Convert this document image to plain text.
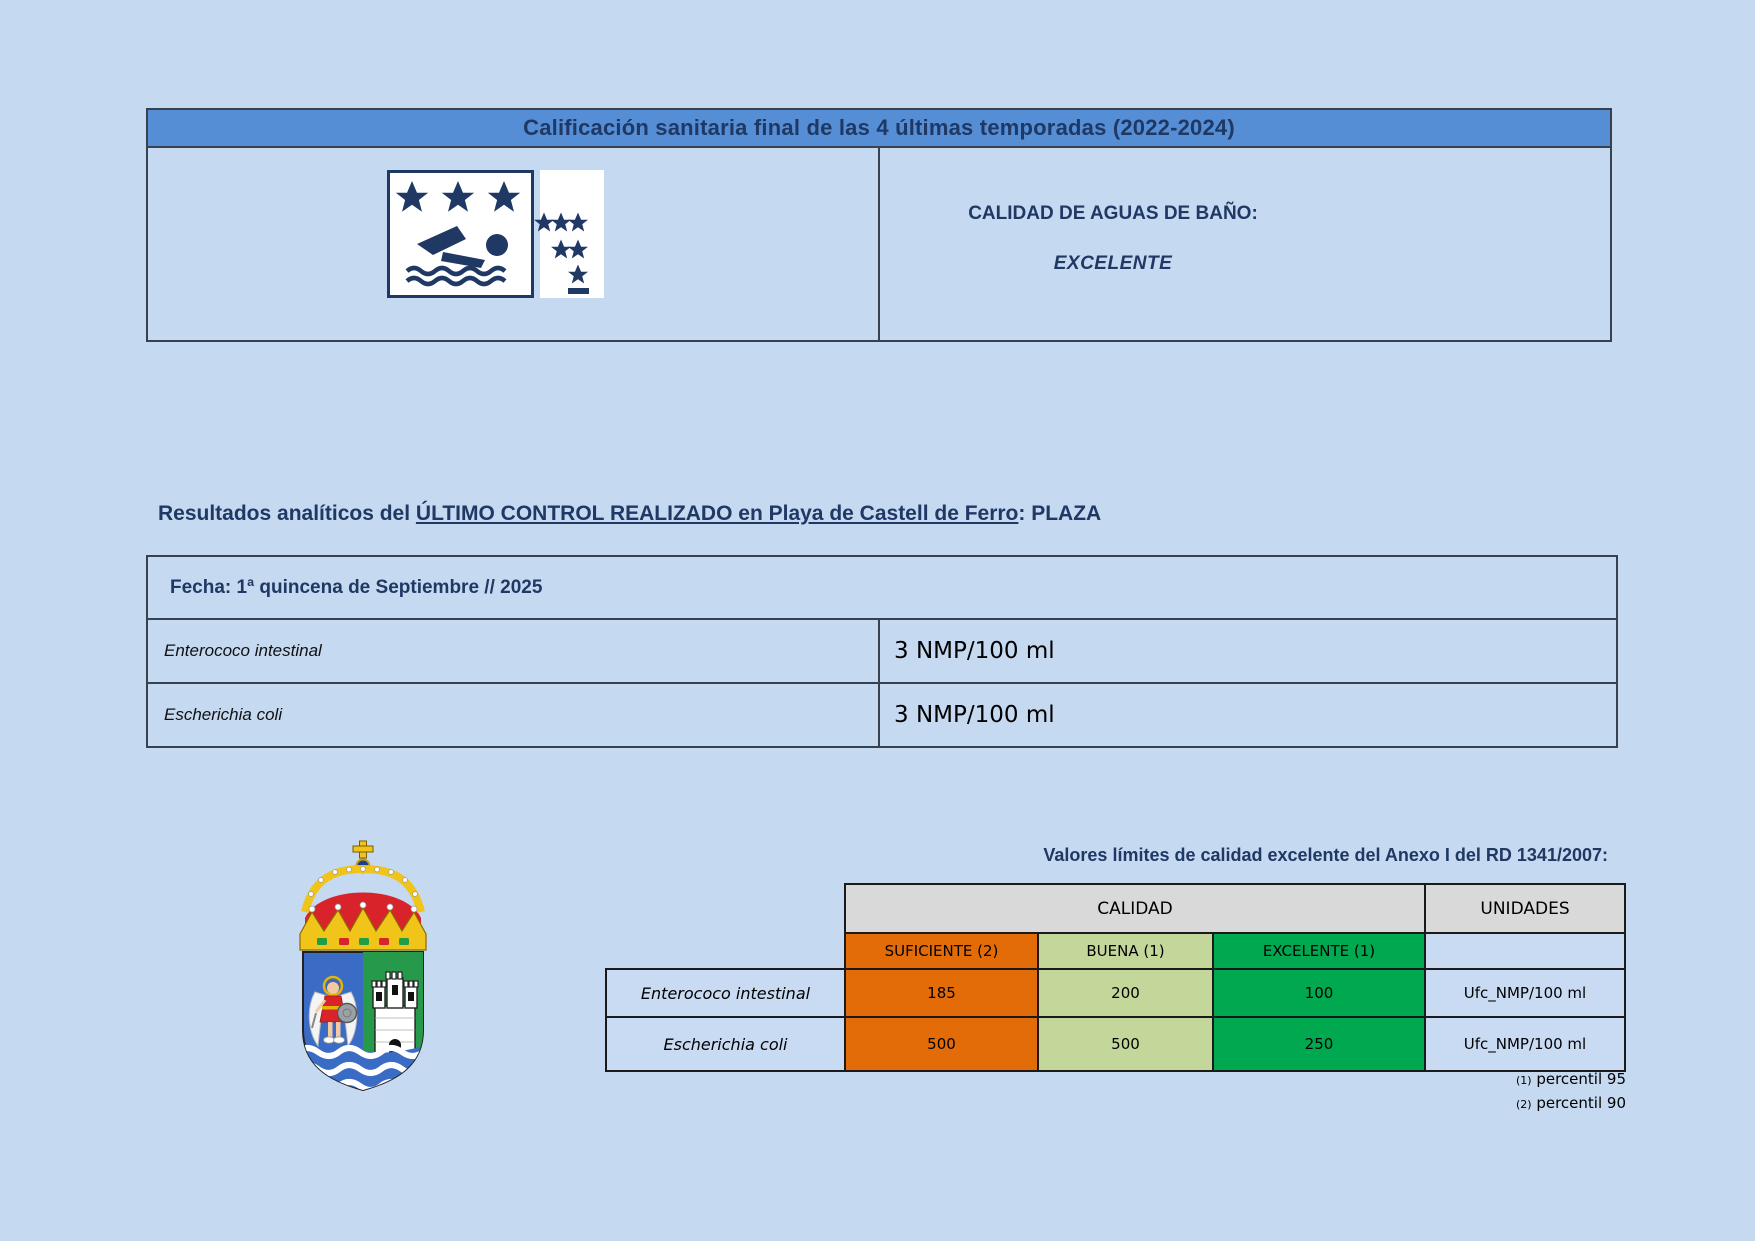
Calificación sanitaria final de las 4 últimas temporadas (2022-2024)
CALIDAD DE AGUAS DE BAÑO:
EXCELENTE
Resultados analíticos del ÚLTIMO CONTROL REALIZADO en Playa de Castell de Ferro: PLAZA
Fecha: 1ª quincena de Septiembre // 2025
Enterococo intestinal	3 NMP/100 ml
Escherichia coli	3 NMP/100 ml
Valores límites de calidad excelente del Anexo I del RD 1341/2007:
	CALIDAD			UNIDADES
	SUFICIENTE (2)	BUENA (1)	EXCELENTE (1)	
Enterococo intestinal	185	200	100	Ufc_NMP/100 ml
Escherichia coli	500	500	250	Ufc_NMP/100 ml
(1) percentil 95
(2) percentil 90
